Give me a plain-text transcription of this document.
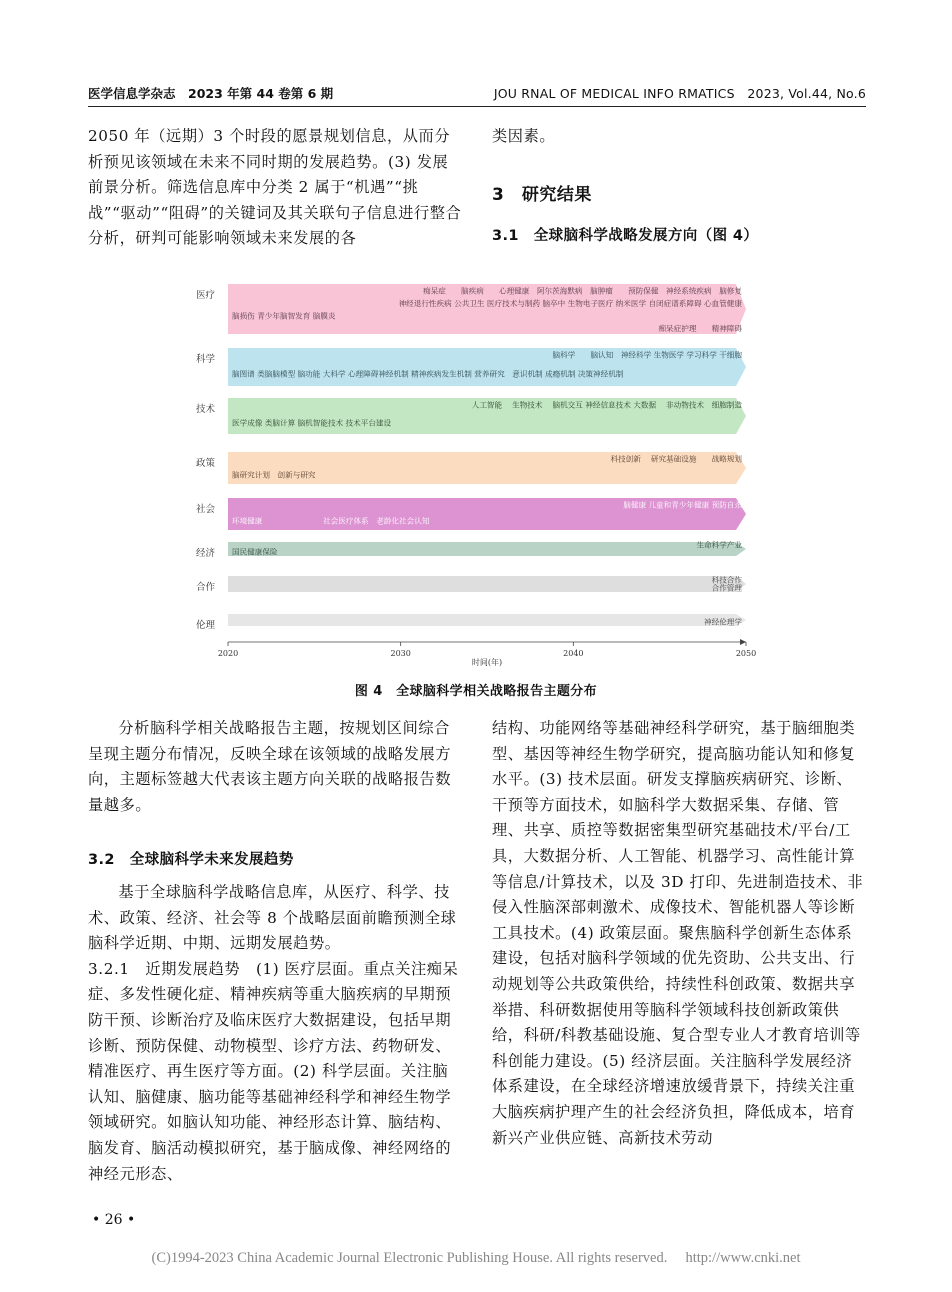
医学信息学杂志　2023 年第 44 卷第 6 期	JOU RNAL OF MEDICAL INFO RMATICS　2023, Vol.44, No.6

2050 年（远期）3 个时段的愿景规划信息，从而分析预见该领域在未来不同时期的发展趋势。(3) 发展前景分析。筛选信息库中分类 2 属于“机遇”“挑战”“驱动”“阻碍”的关键词及其关联句子信息进行整合分析，研判可能影响领域未来发展的各

类因素。

3　研究结果
3.1　全球脑科学战略发展方向（图 4）
医疗	痴呆症　　脑疾病　　心理健康　阿尔茨海默病　脑肿瘤　　预防保健　神经系统疾病　脑修复
神经退行性疾病 公共卫生 医疗技术与制药 脑卒中 生物电子医疗 纳米医学 自闭症谱系障碍 心血管健康
脑损伤 青少年脑智发育 脑膜炎
痴呆症护理　　精神障碍
科学	脑科学　　脑认知　神经科学 生物医学 学习科学 干细胞
脑图谱 类脑脑模型 脑功能 大科学 心理障碍神经机制 精神疾病发生机制 营养研究　意识机制 成瘾机制 决策神经机制
技术	人工智能　 生物技术　 脑机交互 神经信息技术 大数据　 非动物技术　细胞制造
医学成像 类脑计算 脑机智能技术 技术平台建设
政策	科技创新　 研究基础设施　　战略规划
脑研究计划　创新与研究
社会	脑健康 儿童和青少年健康 预防自杀
环境健康　　　　　　　　社会医疗体系　老龄化社会认知
经济
生命科学产业
国民健康保险
合作
科技合作
合作管理
伦理	神经伦理学
2020	2030	2040	2050
时间(年)
图 4　全球脑科学相关战略报告主题分布

分析脑科学相关战略报告主题，按规划区间综合呈现主题分布情况，反映全球在该领域的战略发展方向，主题标签越大代表该主题方向关联的战略报告数量越多。

3.2　全球脑科学未来发展趋势

基于全球脑科学战略信息库，从医疗、科学、技术、政策、经济、社会等 8 个战略层面前瞻预测全球脑科学近期、中期、远期发展趋势。

3.2.1　近期发展趋势　(1) 医疗层面。重点关注痴呆症、多发性硬化症、精神疾病等重大脑疾病的早期预防干预、诊断治疗及临床医疗大数据建设，包括早期诊断、预防保健、动物模型、诊疗方法、药物研发、精准医疗、再生医疗等方面。(2) 科学层面。关注脑认知、脑健康、脑功能等基础神经科学和神经生物学领域研究。如脑认知功能、神经形态计算、脑结构、脑发育、脑活动模拟研究，基于脑成像、神经网络的神经元形态、

结构、功能网络等基础神经科学研究，基于脑细胞类型、基因等神经生物学研究，提高脑功能认知和修复水平。(3) 技术层面。研发支撑脑疾病研究、诊断、干预等方面技术，如脑科学大数据采集、存储、管理、共享、质控等数据密集型研究基础技术/平台/工具，大数据分析、人工智能、机器学习、高性能计算等信息/计算技术，以及 3D 打印、先进制造技术、非侵入性脑深部刺激术、成像技术、智能机器人等诊断工具技术。(4) 政策层面。聚焦脑科学创新生态体系建设，包括对脑科学领域的优先资助、公共支出、行动规划等公共政策供给，持续性科创政策、数据共享举措、科研数据使用等脑科学领域科技创新政策供给，科研/科教基础设施、复合型专业人才教育培训等科创能力建设。(5) 经济层面。关注脑科学发展经济体系建设，在全球经济增速放缓背景下，持续关注重大脑疾病护理产生的社会经济负担，降低成本，培育新兴产业供应链、高新技术劳动

• 26 •
(C)1994-2023 China Academic Journal Electronic Publishing House. All rights reserved.　 http://www.cnki.net
